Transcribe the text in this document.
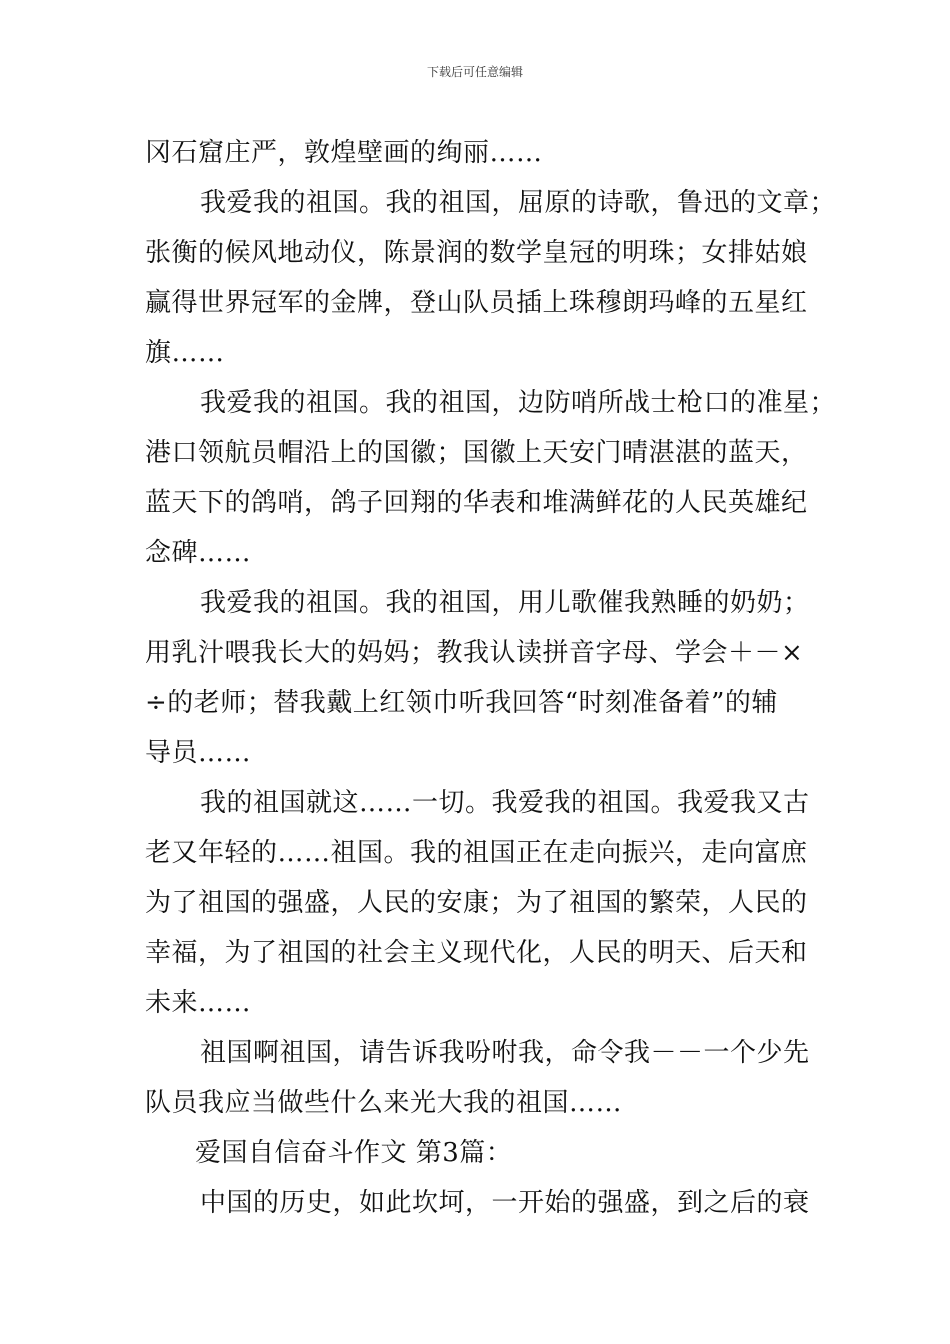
下载后可任意编辑
冈石窟庄严，敦煌壁画的绚丽……
我爱我的祖国。我的祖国，屈原的诗歌，鲁迅的文章；
张衡的候风地动仪，陈景润的数学皇冠的明珠；女排姑娘
赢得世界冠军的金牌，登山队员插上珠穆朗玛峰的五星红
旗……
我爱我的祖国。我的祖国，边防哨所战士枪口的准星；
港口领航员帽沿上的国徽；国徽上天安门晴湛湛的蓝天，
蓝天下的鸽哨，鸽子回翔的华表和堆满鲜花的人民英雄纪
念碑……
我爱我的祖国。我的祖国，用儿歌催我熟睡的奶奶；
用乳汁喂我长大的妈妈；教我认读拼音字母、学会＋－×
÷的老师；替我戴上红领巾听我回答“时刻准备着”的辅
导员……
我的祖国就这……一切。我爱我的祖国。我爱我又古
老又年轻的……祖国。我的祖国正在走向振兴，走向富庶
为了祖国的强盛，人民的安康；为了祖国的繁荣，人民的
幸福，为了祖国的社会主义现代化，人民的明天、后天和
未来……
祖国啊祖国，请告诉我吩咐我，命令我－－一个少先
队员我应当做些什么来光大我的祖国……
爱国自信奋斗作文 第3篇：
中国的历史，如此坎坷，一开始的强盛，到之后的衰
